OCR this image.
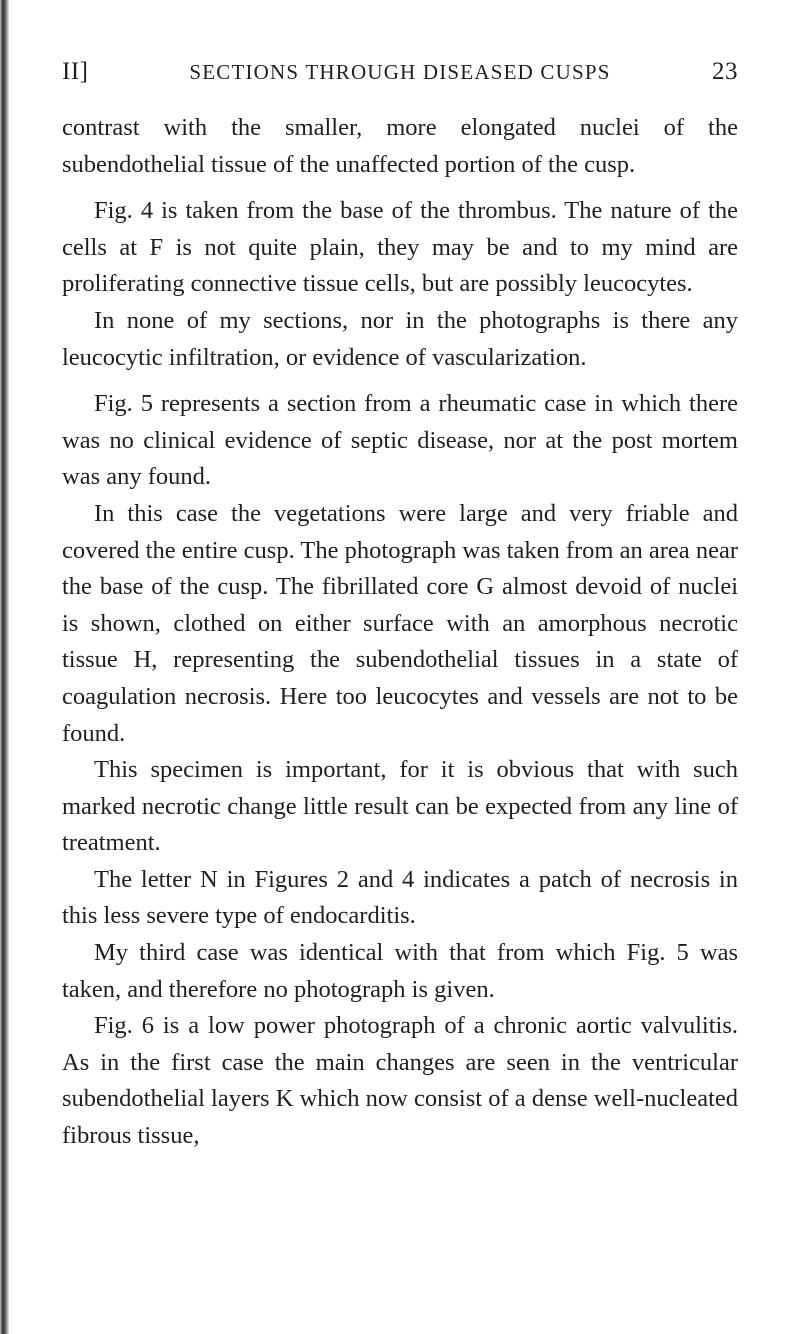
II]	SECTIONS THROUGH DISEASED CUSPS	23

contrast with the smaller, more elongated nuclei of the subendothelial tissue of the unaffected portion of the cusp.

Fig. 4 is taken from the base of the thrombus. The nature of the cells at F is not quite plain, they may be and to my mind are proliferating connective tissue cells, but are possibly leucocytes.

In none of my sections, nor in the photographs is there any leucocytic infiltration, or evidence of vascularization.

Fig. 5 represents a section from a rheumatic case in which there was no clinical evidence of septic disease, nor at the post mortem was any found.

In this case the vegetations were large and very friable and covered the entire cusp. The photograph was taken from an area near the base of the cusp. The fibrillated core G almost devoid of nuclei is shown, clothed on either surface with an amorphous necrotic tissue H, representing the subendothelial tissues in a state of coagulation necrosis. Here too leucocytes and vessels are not to be found.

This specimen is important, for it is obvious that with such marked necrotic change little result can be expected from any line of treatment.

The letter N in Figures 2 and 4 indicates a patch of necrosis in this less severe type of endocarditis.

My third case was identical with that from which Fig. 5 was taken, and therefore no photograph is given.

Fig. 6 is a low power photograph of a chronic aortic valvulitis. As in the first case the main changes are seen in the ventricular subendothelial layers K which now consist of a dense well-nucleated fibrous tissue,
